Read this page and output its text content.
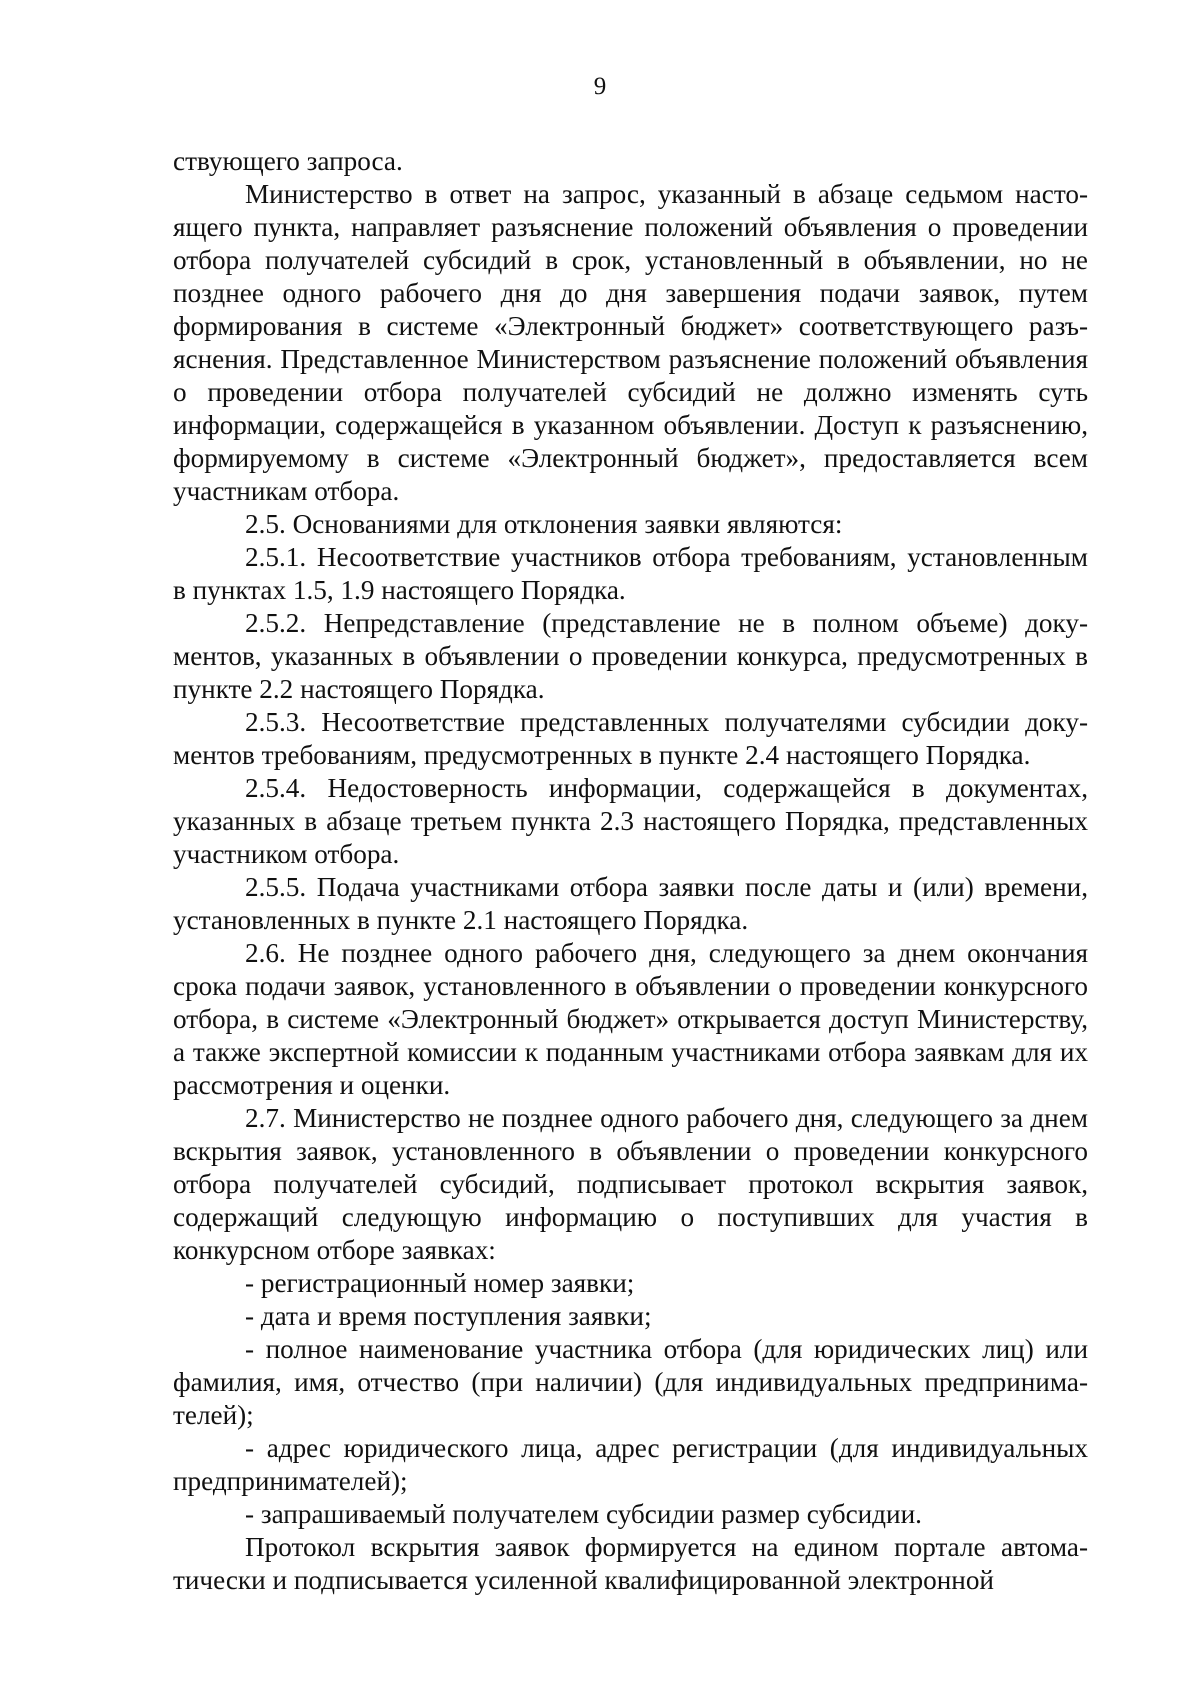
9

ствующего запроса.

Министерство в ответ на запрос, указанный в абзаце седьмом настоящего пункта, направляет разъяснение положений объявления о проведении отбора получателей субсидий в срок, установленный в объявлении, но не позднее одного рабочего дня до дня завершения подачи заявок, путем формирования в системе «Электронный бюджет» соответствующего разъяснения. Представленное Министерством разъяснение положений объявления о проведении отбора получателей субсидий не должно изменять суть информации, содержащейся в указанном объявлении. Доступ к разъяснению, формируемому в системе «Электронный бюджет», предоставляется всем участникам отбора.

2.5. Основаниями для отклонения заявки являются:

2.5.1. Несоответствие участников отбора требованиям, установленным в пунктах 1.5, 1.9 настоящего Порядка.

2.5.2. Непредставление (представление не в полном объеме) документов, указанных в объявлении о проведении конкурса, предусмотренных в пункте 2.2 настоящего Порядка.

2.5.3. Несоответствие представленных получателями субсидии документов требованиям, предусмотренных в пункте 2.4 настоящего Порядка.

2.5.4. Недостоверность информации, содержащейся в документах, указанных в абзаце третьем пункта 2.3 настоящего Порядка, представленных участником отбора.

2.5.5. Подача участниками отбора заявки после даты и (или) времени, установленных в пункте 2.1 настоящего Порядка.

2.6. Не позднее одного рабочего дня, следующего за днем окончания срока подачи заявок, установленного в объявлении о проведении конкурсного отбора, в системе «Электронный бюджет» открывается доступ Министерству, а также экспертной комиссии к поданным участниками отбора заявкам для их рассмотрения и оценки.

2.7. Министерство не позднее одного рабочего дня, следующего за днем вскрытия заявок, установленного в объявлении о проведении конкурсного отбора получателей субсидий, подписывает протокол вскрытия заявок, содержащий следующую информацию о поступивших для участия в конкурсном отборе заявках:

- регистрационный номер заявки;

- дата и время поступления заявки;

- полное наименование участника отбора (для юридических лиц) или фамилия, имя, отчество (при наличии) (для индивидуальных предпринимателей);

- адрес юридического лица, адрес регистрации (для индивидуальных предпринимателей);

- запрашиваемый получателем субсидии размер субсидии.

Протокол вскрытия заявок формируется на едином портале автоматически и подписывается усиленной квалифицированной электронной
